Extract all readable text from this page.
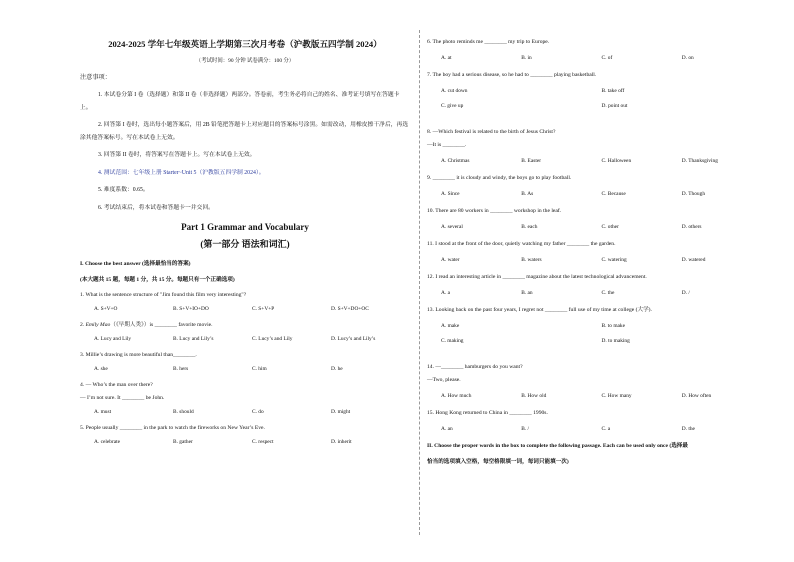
2024-2025 学年七年级英语上学期第三次月考卷（沪教版五四学制 2024）
（考试时间：90 分钟 试卷满分：100 分）
注意事项：
1. 本试卷分第 I 卷（选择题）和第 II 卷（非选择题）两部分。答卷前，考生务必将自己的姓名、准考证号填写在答题卡上。
2. 回答第 I 卷时，选出每小题答案后，用 2B 铅笔把答题卡上对应题目的答案标号涂黑。如需改动，用橡皮擦干净后，再选涂其他答案标号。写在本试卷上无效。
3. 回答第 II 卷时，将答案写在答题卡上。写在本试卷上无效。
4. 测试范围：七年级上册 Starter~Unit 5（沪教版五四学制 2024）。
5. 难度系数：0.65。
6. 考试结束后，将本试卷和答题卡一并交回。
Part 1 Grammar and Vocabulary
(第一部分 语法和词汇)
I. Choose the best answer (选择最恰当的答案)
(本大题共 15 题，每题 1 分，共 15 分。每题只有一个正确选项)
1. What is the sentence structure of "Jim found this film very interesting"?
A. S+V+O	B. S+V+IO+DO	C. S+V+P	D. S+V+DO+OC
2. Emily Mao（《早期人类》）is ________ favorite movie.
A. Lucy and Lily	B. Lucy and Lily’s	C. Lucy’s and Lily	D. Lucy’s and Lily’s
3. Millie’s drawing is more beautiful than________.
A. she	B. hers	C. him	D. he
4. — Who’s the man over there?
— I’m not sure. It ________ be John.
A. must	B. should	C. do	D. might
5. People usually ________ in the park to watch the fireworks on New Year’s Eve.
A. celebrate	B. gather	C. respect	D. inherit
6. The photo reminds me ________ my trip to Europe.
A. at	B. in	C. of	D. on
7. The boy had a serious disease, so he had to ________ playing basketball.
A. cut down	B. take off
C. give up	D. point out
8. —Which festival is related to the birth of Jesus Christ?
—It is ________.
A. Christmas	B. Easter	C. Halloween	D. Thanksgiving
9. ________ it is cloudy and windy, the boys go to play football.
A. Since	B. As	C. Because	D. Though
10. There are 80 workers in ________ workshop in the leaf.
A. several	B. each	C. other	D. others
11. I stood at the front of the door, quietly watching my father ________ the garden.
A. water	B. waters	C. watering	D. watered
12. I read an interesting article in ________ magazine about the latest technological advancement.
A. a	B. an	C. the	D. /
13. Looking back on the past four years, I regret not ________ full use of my time at college (大学).
A. make	B. to make
C. making	D. to making
14. —________ hamburgers do you want?
—Two, please.
A. How much	B. How old	C. How many	D. How often
15. Hong Kong returned to China in ________ 1990s.
A. an	B. /	C. a	D. the
II. Choose the proper words in the box to complete the following passage. Each can be used only once (选择最
恰当的选项填入空格，每空格限填一词，每词只能填一次)
